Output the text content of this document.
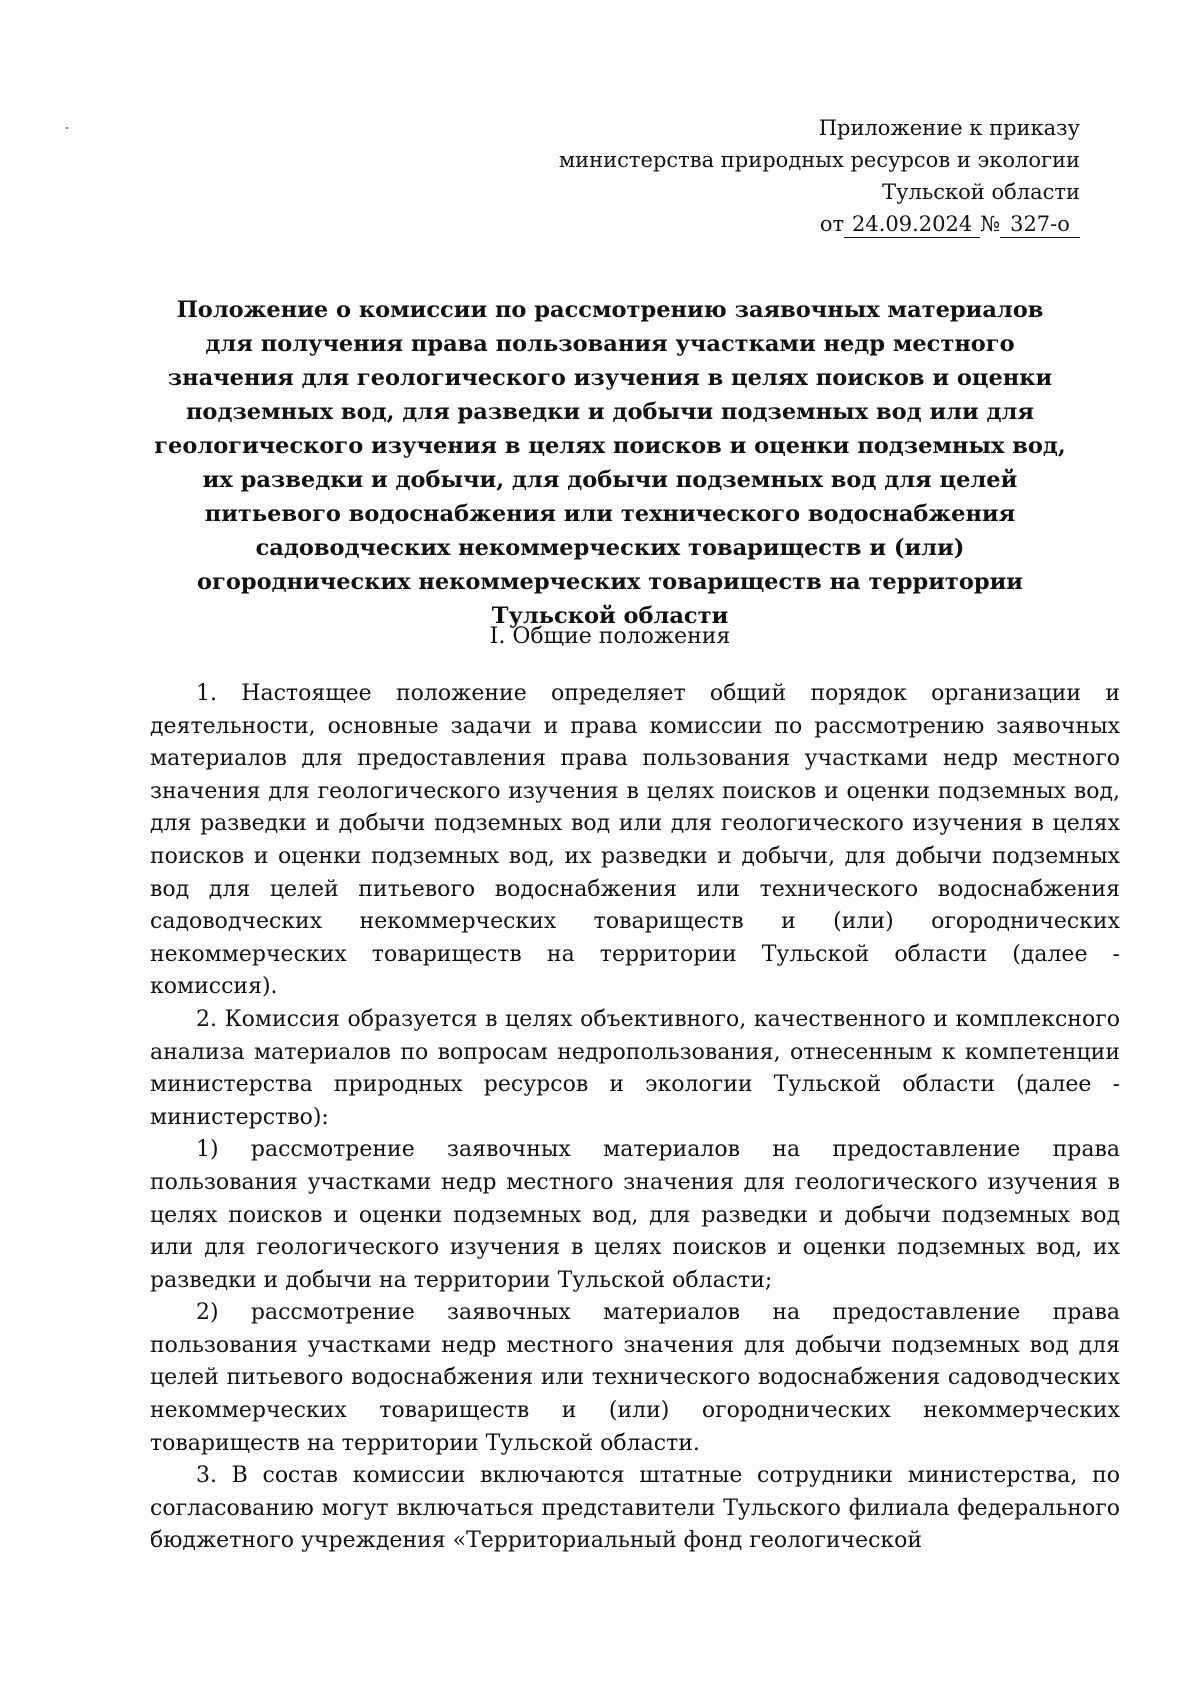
Приложение к приказу
министерства природных ресурсов и экологии
Тульской области
от 24.09.2024 № 327-о
Положение о комиссии по рассмотрению заявочных материалов для получения права пользования участками недр местного значения для геологического изучения в целях поисков и оценки подземных вод, для разведки и добычи подземных вод или для геологического изучения в целях поисков и оценки подземных вод, их разведки и добычи, для добычи подземных вод для целей питьевого водоснабжения или технического водоснабжения садоводческих некоммерческих товариществ и (или) огороднических некоммерческих товариществ на территории Тульской области
I. Общие положения

1. Настоящее положение определяет общий порядок организации и деятельности, основные задачи и права комиссии по рассмотрению заявочных материалов для предоставления права пользования участками недр местного значения для геологического изучения в целях поисков и оценки подземных вод, для разведки и добычи подземных вод или для геологического изучения в целях поисков и оценки подземных вод, их разведки и добычи, для добычи подземных вод для целей питьевого водоснабжения или технического водоснабжения садоводческих некоммерческих товариществ и (или) огороднических некоммерческих товариществ на территории Тульской области (далее - комиссия).

2. Комиссия образуется в целях объективного, качественного и комплексного анализа материалов по вопросам недропользования, отнесенным к компетенции министерства природных ресурсов и экологии Тульской области (далее - министерство):

1) рассмотрение заявочных материалов на предоставление права пользования участками недр местного значения для геологического изучения в целях поисков и оценки подземных вод, для разведки и добычи подземных вод или для геологического изучения в целях поисков и оценки подземных вод, их разведки и добычи на территории Тульской области;

2) рассмотрение заявочных материалов на предоставление права пользования участками недр местного значения для добычи подземных вод для целей питьевого водоснабжения или технического водоснабжения садоводческих некоммерческих товариществ и (или) огороднических некоммерческих товариществ на территории Тульской области.

3. В состав комиссии включаются штатные сотрудники министерства, по согласованию могут включаться представители Тульского филиала федерального бюджетного учреждения «Территориальный фонд геологической
